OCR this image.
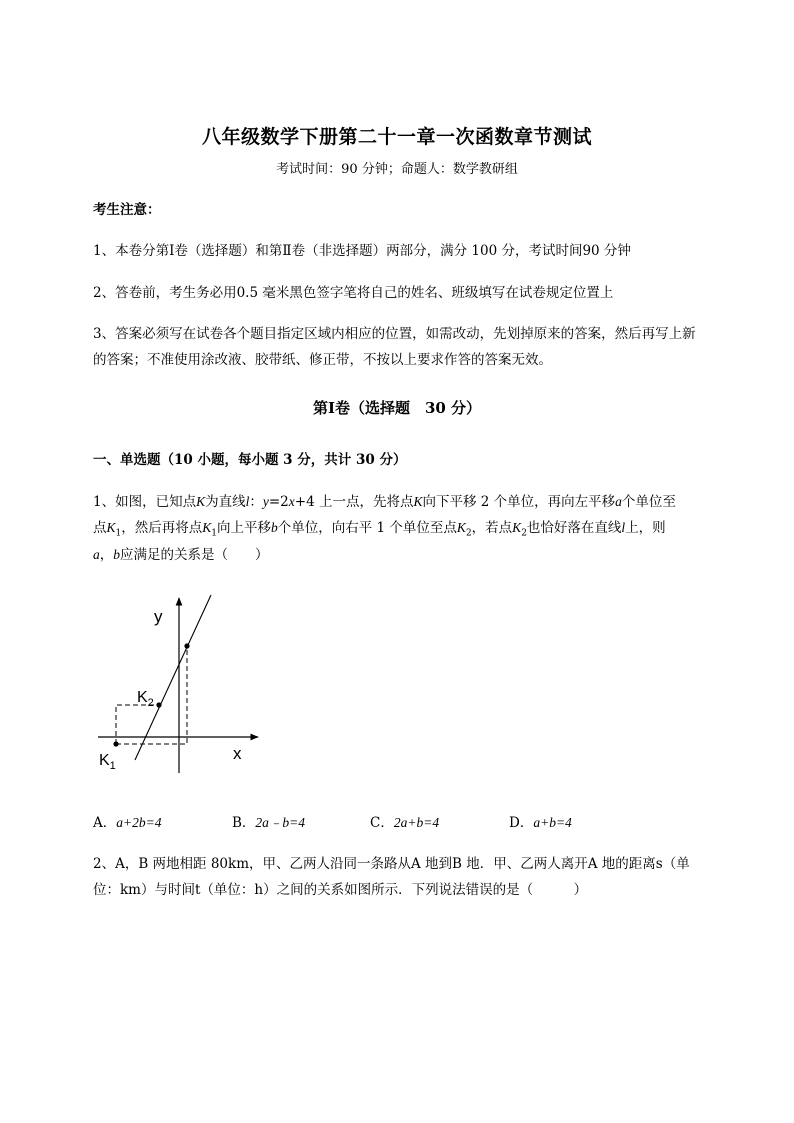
八年级数学下册第二十一章一次函数章节测试
考试时间：90 分钟；命题人：数学教研组
考生注意：
1、本卷分第Ⅰ卷（选择题）和第Ⅱ卷（非选择题）两部分，满分 100 分，考试时间90 分钟
2、答卷前，考生务必用0.5 毫米黑色签字笔将自己的姓名、班级填写在试卷规定位置上
3、答案必须写在试卷各个题目指定区域内相应的位置，如需改动，先划掉原来的答案，然后再写上新
的答案；不准使用涂改液、胶带纸、修正带，不按以上要求作答的答案无效。
第Ⅰ卷（选择题　30 分）
一、单选题（10 小题，每小题 3 分，共计 30 分）
1、如图，已知点K为直线l：y=2x+4 上一点，先将点K向下平移 2 个单位，再向左平移a个单位至
点$K_1$，然后再将点$K_1$向上平移b个单位，向右平 1 个单位至点$K_2$，若点$K_2$也恰好落在直线l上，则
a，b应满足的关系是（　　）
y
x
$K_2$
$K_1$
A．a+2b=4	B．2a﹣b=4	C．2a+b=4	D．a+b=4
2、A，B 两地相距 80km，甲、乙两人沿同一条路从A 地到B 地．甲、乙两人离开A 地的距离s（单
位：km）与时间t（单位：h）之间的关系如图所示．下列说法错误的是（　　　）
